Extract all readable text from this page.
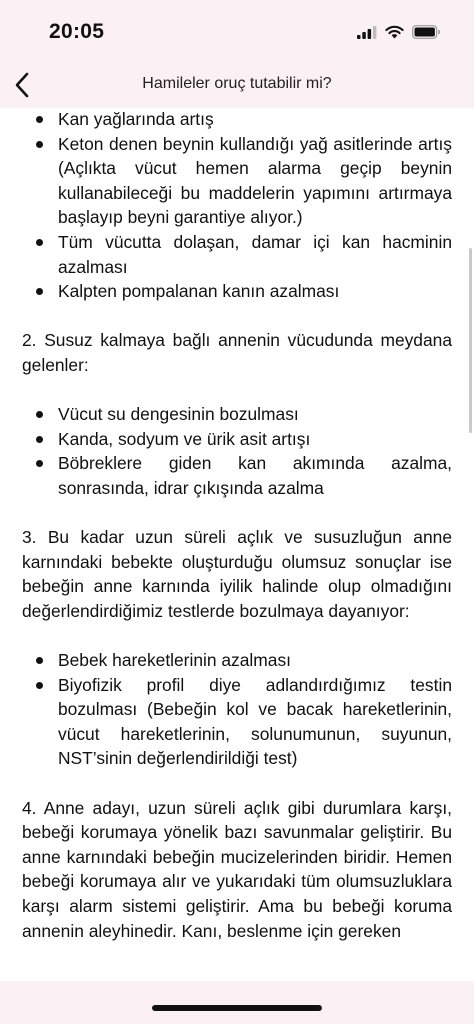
20:05
Hamileler oruç tutabilir mi?
Kan yağlarında artış
Keton denen beynin kullandığı yağ asitlerinde artış (Açlıkta vücut hemen alarma geçip beynin kullanabileceği bu maddelerin yapımını artırmaya başlayıp beyni garantiye alıyor.)
Tüm vücutta dolaşan, damar içi kan hacminin azalması
Kalpten pompalanan kanın azalması

2. Susuz kalmaya bağlı annenin vücudunda meydana gelenler:

Vücut su dengesinin bozulması
Kanda, sodyum ve ürik asit artışı
Böbreklere giden kan akımında azalma, sonrasında, idrar çıkışında azalma

3. Bu kadar uzun süreli açlık ve susuzluğun anne karnındaki bebekte oluşturduğu olumsuz sonuçlar ise bebeğin anne karnında iyilik halinde olup olmadığını değerlendirdiğimiz testlerde bozulmaya dayanıyor:

Bebek hareketlerinin azalması
Biyofizik profil diye adlandırdığımız testin bozulması (Bebeğin kol ve bacak hareketlerinin, vücut hareketlerinin, solunumunun, suyunun, NST’sinin değerlendirildiği test)

4. Anne adayı, uzun süreli açlık gibi durumlara karşı, bebeği korumaya yönelik bazı savunmalar geliştirir. Bu anne karnındaki bebeğin mucizelerinden biridir. Hemen bebeği korumaya alır ve yukarıdaki tüm olumsuzluklara karşı alarm sistemi geliştirir. Ama bu bebeği koruma annenin aleyhinedir. Kanı, beslenme için gereken
